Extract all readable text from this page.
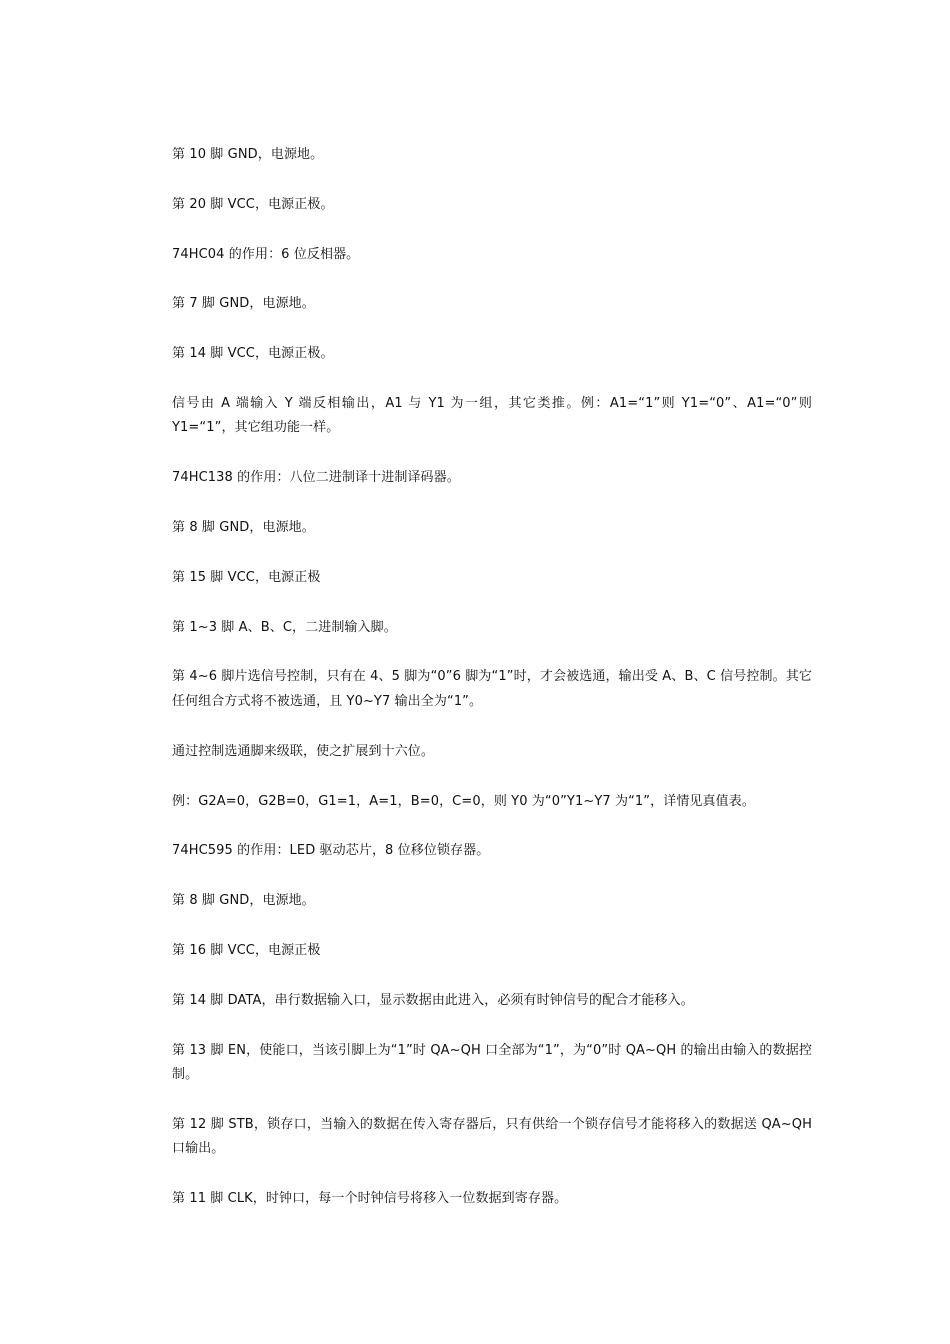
第 10 脚 GND，电源地。

第 20 脚 VCC，电源正极。

74HC04 的作用：6 位反相器。

第 7 脚 GND，电源地。

第 14 脚 VCC，电源正极。

信号由 A 端输入 Y 端反相输出，A1 与 Y1 为一组，其它类推。例：A1=“1”则 Y1=“0”、A1=“0”则 Y1=“1”，其它组功能一样。

74HC138 的作用：八位二进制译十进制译码器。

第 8 脚 GND，电源地。

第 15 脚 VCC，电源正极

第 1~3 脚 A、B、C，二进制输入脚。

第 4~6 脚片选信号控制，只有在 4、5 脚为“0”6 脚为“1”时，才会被选通，输出受 A、B、C 信号控制。其它任何组合方式将不被选通，且 Y0~Y7 输出全为“1”。

通过控制选通脚来级联，使之扩展到十六位。

例：G2A=0，G2B=0，G1=1，A=1，B=0，C=0，则 Y0 为“0”Y1~Y7 为“1”，详情见真值表。

74HC595 的作用：LED 驱动芯片，8 位移位锁存器。

第 8 脚 GND，电源地。

第 16 脚 VCC，电源正极

第 14 脚 DATA，串行数据输入口，显示数据由此进入，必须有时钟信号的配合才能移入。

第 13 脚 EN，使能口，当该引脚上为“1”时 QA~QH 口全部为“1”，为“0”时 QA~QH 的输出由输入的数据控制。

第 12 脚 STB，锁存口，当输入的数据在传入寄存器后，只有供给一个锁存信号才能将移入的数据送 QA~QH 口输出。

第 11 脚 CLK，时钟口，每一个时钟信号将移入一位数据到寄存器。
